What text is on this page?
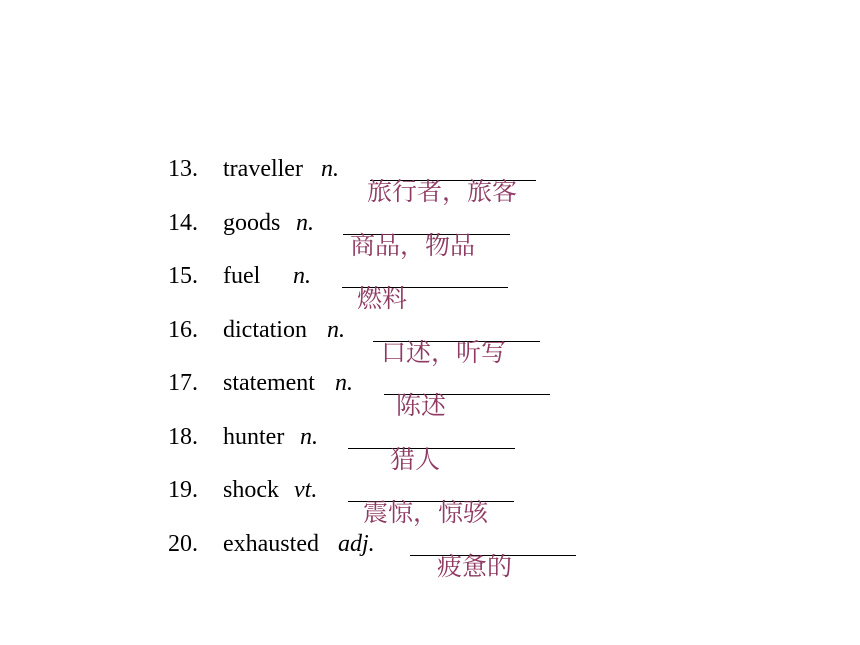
13. traveller n.
旅行者，旅客
14. goods n.
商品，物品
15. fuel n.
燃料
16. dictation n.
口述，听写
17. statement n.
陈述
18. hunter n.
猎人
19. shock vt.
震惊，惊骇
20. exhausted adj.
疲惫的
